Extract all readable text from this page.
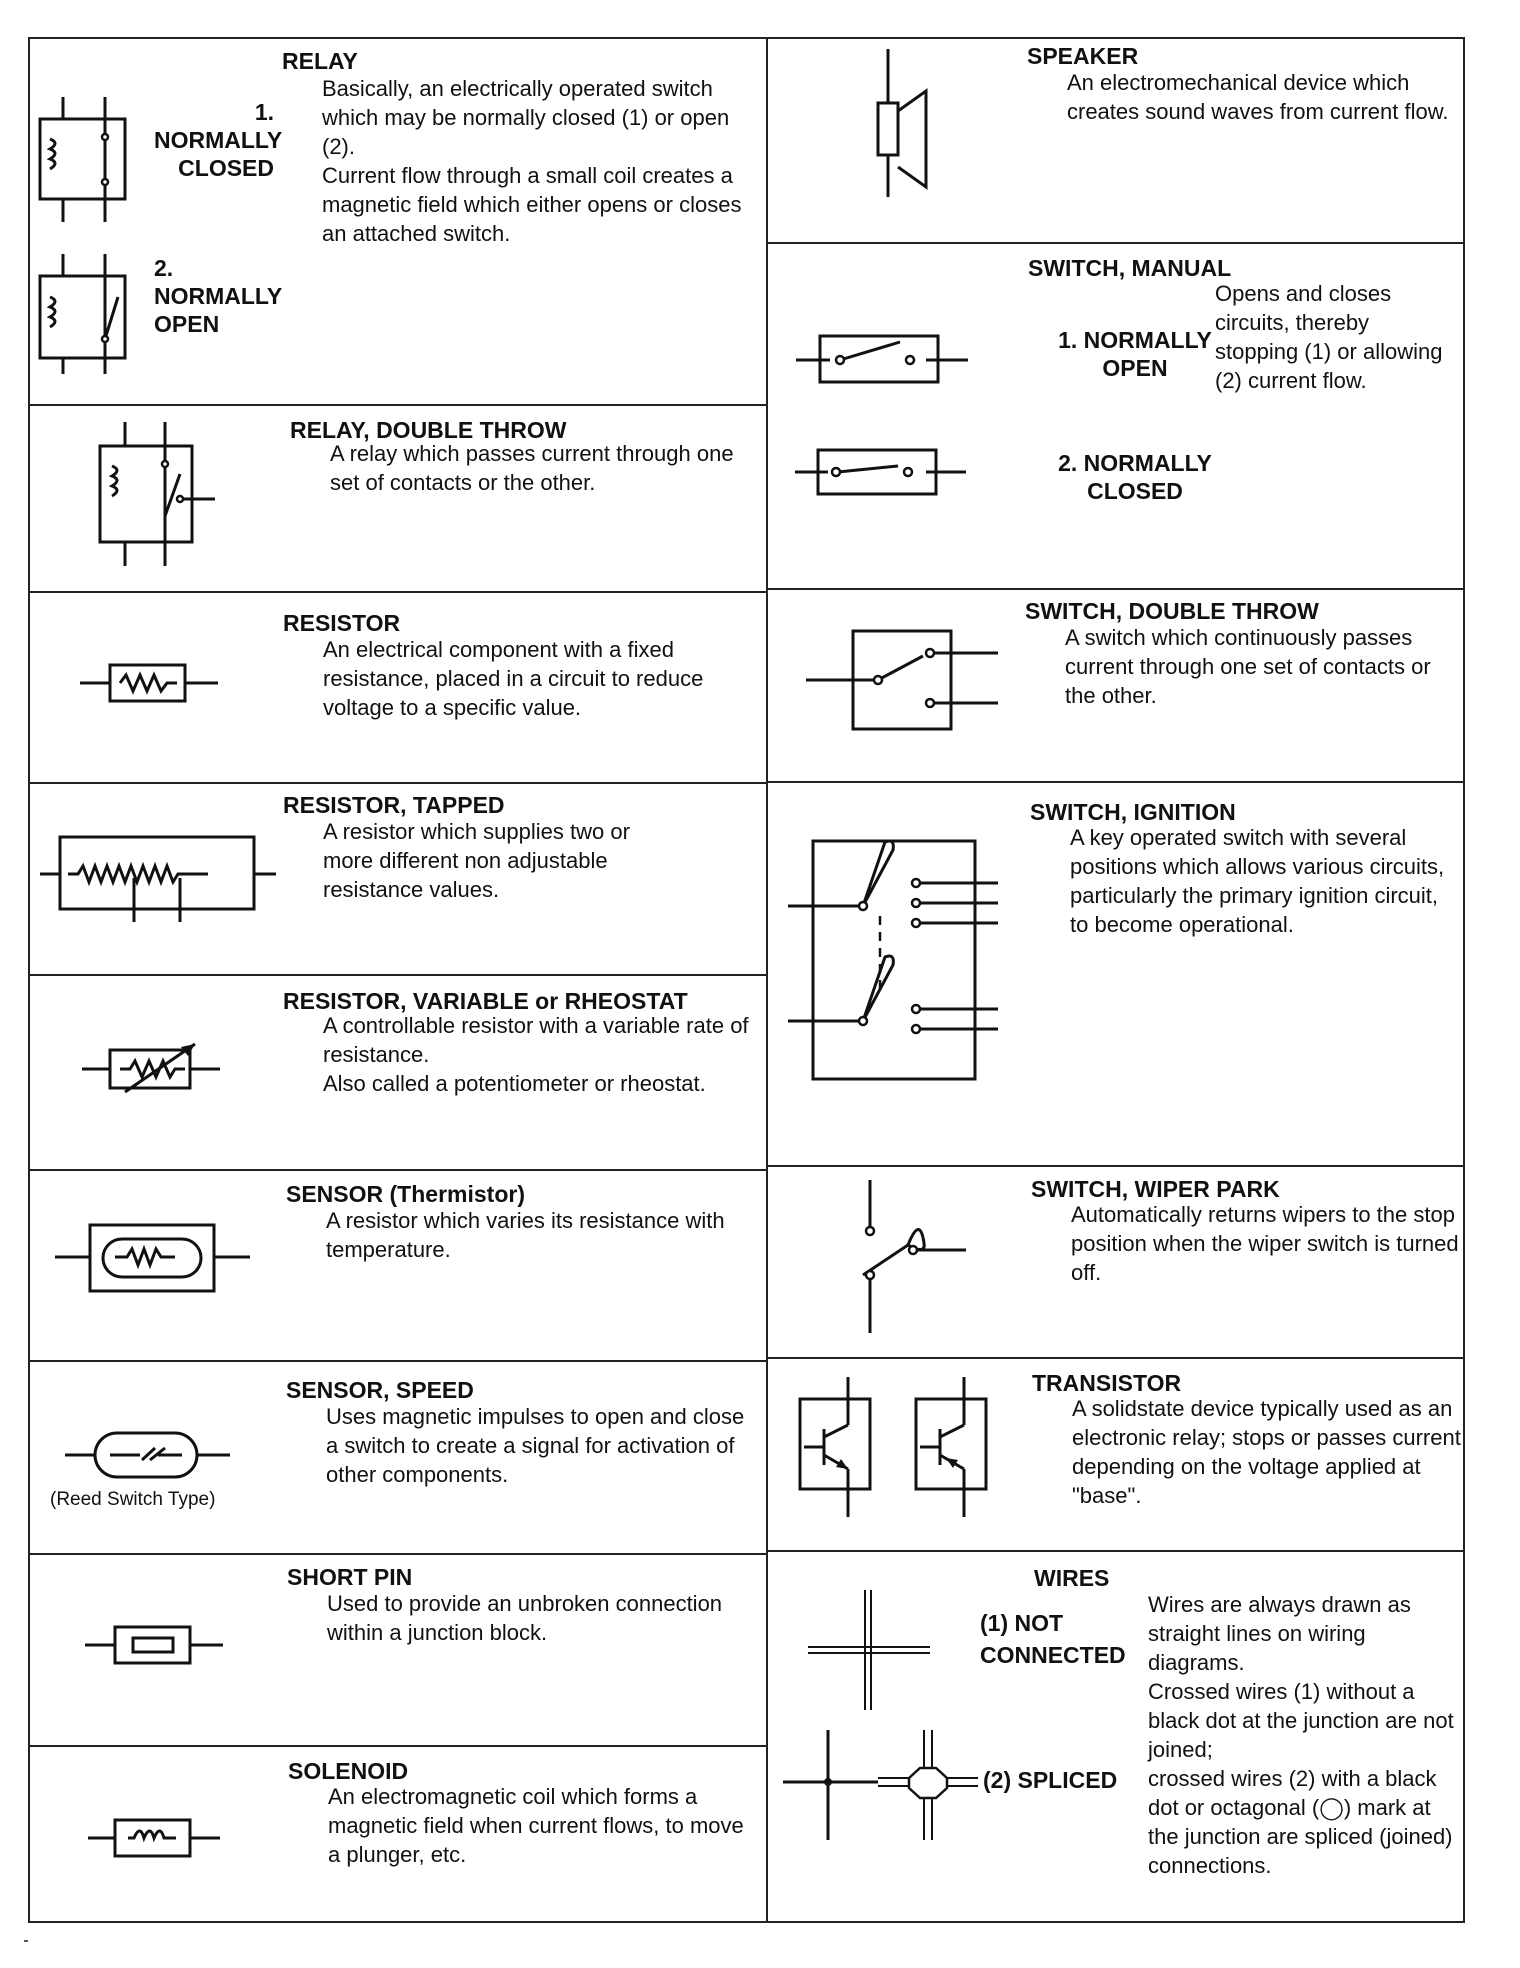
RELAY
1. NORMALLY CLOSED
Basically, an electrically operated switch which may be normally closed (1) or open (2).
Current flow through a small coil creates a magnetic field which either opens or closes an attached switch.
2. NORMALLY OPEN
RELAY, DOUBLE THROW
A relay which passes current through one set of contacts or the other.
RESISTOR
An electrical component with a fixed resistance, placed in a circuit to reduce voltage to a specific value.
RESISTOR, TAPPED
A resistor which supplies two or more different non adjustable resistance values.
RESISTOR, VARIABLE or RHEOSTAT
A controllable resistor with a variable rate of resistance.
Also called a potentiometer or rheostat.
SENSOR (Thermistor)
A resistor which varies its resistance with temperature.
SENSOR, SPEED
Uses magnetic impulses to open and close a switch to create a signal for activation of other components.
(Reed Switch Type)
SHORT PIN
Used to provide an unbroken connection within a junction block.
SOLENOID
An electromagnetic coil which forms a magnetic field when current flows, to move a plunger, etc.
SPEAKER
An electromechanical device which creates sound waves from current flow.
SWITCH, MANUAL
Opens and closes circuits, thereby stopping (1) or allowing (2) current flow.
1. NORMALLY OPEN
2. NORMALLY CLOSED
SWITCH, DOUBLE THROW
A switch which continuously passes current through one set of contacts or the other.
SWITCH, IGNITION
A key operated switch with several positions which allows various circuits, particularly the primary ignition circuit, to become operational.
SWITCH, WIPER PARK
Automatically returns wipers to the stop position when the wiper switch is turned off.
TRANSISTOR
A solidstate device typically used as an electronic relay; stops or passes current depending on the voltage applied at "base".
WIRES
Wires are always drawn as straight lines on wiring diagrams.
Crossed wires (1) without a black dot at the junction are not joined;
crossed wires (2) with a black dot or octagonal (◯) mark at the junction are spliced (joined) connections.
(1) NOT CONNECTED
(2) SPLICED
